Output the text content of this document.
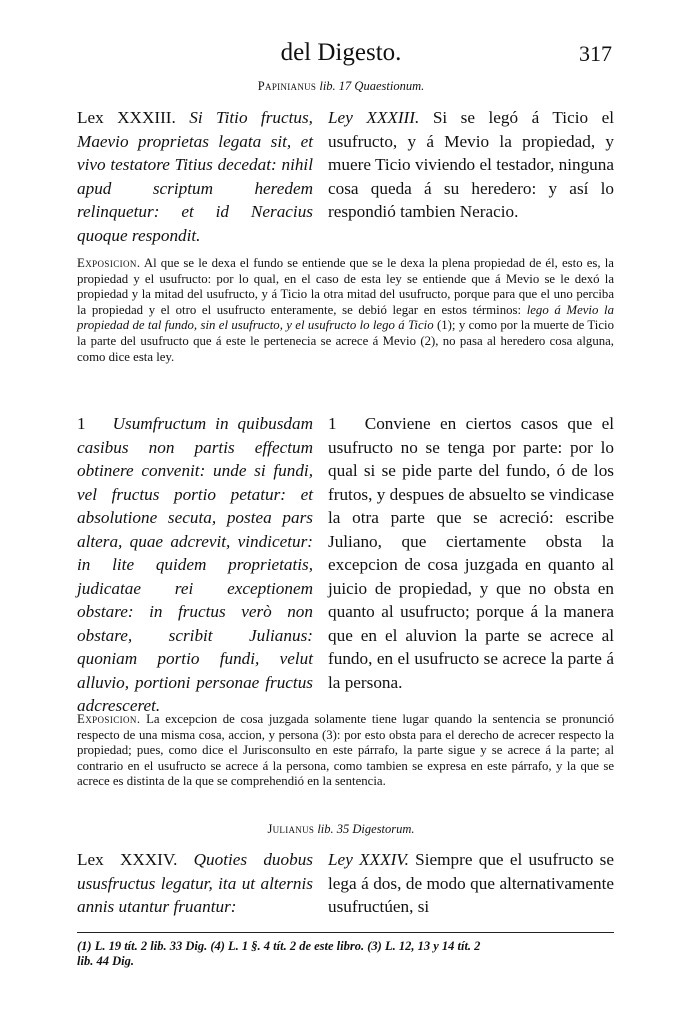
del Digesto.	317
Papinianus lib. 17 Quaestionum.
Lex XXXIII. Si Titio fructus, Maevio proprietas legata sit, et vivo testatore Titius decedat: nihil apud scriptum heredem relinquetur: et id Neracius quoque respondit.
Ley XXXIII. Si se legó á Ticio el usufructo, y á Mevio la propiedad, y muere Ticio viviendo el testador, ninguna cosa queda á su heredero: y así lo respondió tambien Neracio.
Exposicion. Al que se le dexa el fundo se entiende que se le dexa la plena propiedad de él, esto es, la propiedad y el usufructo: por lo qual, en el caso de esta ley se entiende que á Mevio se le dexó la propiedad y la mitad del usufructo, y á Ticio la otra mitad del usufructo, porque para que el uno perciba la propiedad y el otro el usufructo enteramente, se debió legar en estos términos: lego á Mevio la propiedad de tal fundo, sin el usufructo, y el usufructo lo lego á Ticio (1); y como por la muerte de Ticio la parte del usufructo que á este le pertenecia se acrece á Mevio (2), no pasa al heredero cosa alguna, como dice esta ley.
1 Usumfructum in quibusdam casibus non partis effectum obtinere convenit: unde si fundi, vel fructus portio petatur: et absolutione secuta, postea pars altera, quae adcrevit, vindicetur: in lite quidem proprietatis, judicatae rei exceptionem obstare: in fructus verò non obstare, scribit Julianus: quoniam portio fundi, velut alluvio, portioni personae fructus adcresceret.
1 Conviene en ciertos casos que el usufructo no se tenga por parte: por lo qual si se pide parte del fundo, ó de los frutos, y despues de absuelto se vindicase la otra parte que se acreció: escribe Juliano, que ciertamente obsta la excepcion de cosa juzgada en quanto al juicio de propiedad, y que no obsta en quanto al usufructo; porque á la manera que en el aluvion la parte se acrece al fundo, en el usufructo se acrece la parte á la persona.
Exposicion. La excepcion de cosa juzgada solamente tiene lugar quando la sentencia se pronunció respecto de una misma cosa, accion, y persona (3): por esto obsta para el derecho de acrecer respecto la propiedad; pues, como dice el Jurisconsulto en este párrafo, la parte sigue y se acrece á la parte; al contrario en el usufructo se acrece á la persona, como tambien se expresa en este párrafo, y la que se acrece es distinta de la que se comprehendió en la sentencia.
Julianus lib. 35 Digestorum.
Lex XXXIV. Quoties duobus ususfructus legatur, ita ut alternis annis utantur fruantur:
Ley XXXIV. Siempre que el usufructo se lega á dos, de modo que alternativamente usufructúen, si
(1) L. 19 tít. 2 lib. 33 Dig. (4) L. 1 §. 4 tít. 2 de este libro. (3) L. 12, 13 y 14 tít. 2
lib. 44 Dig.
